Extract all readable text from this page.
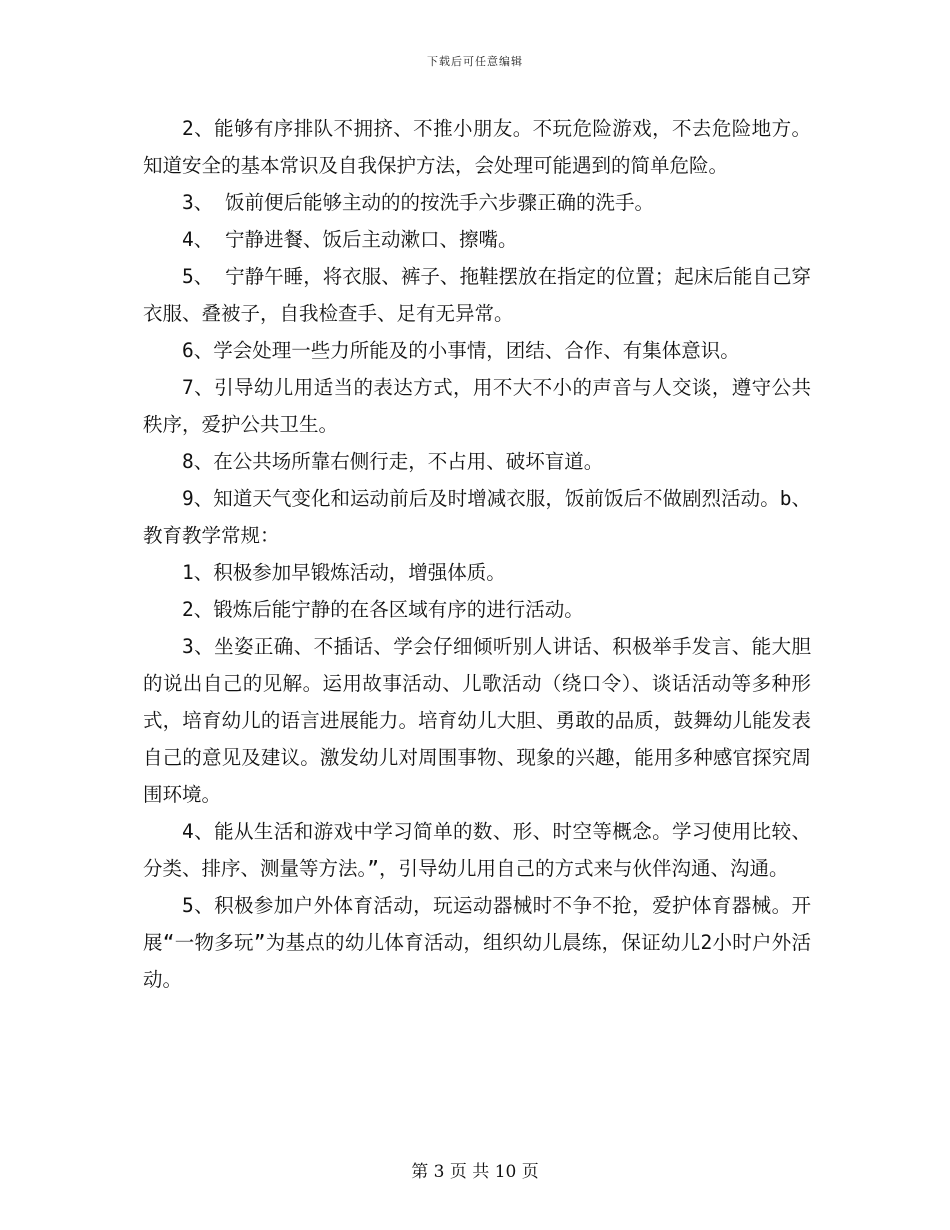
下载后可任意编辑

2、能够有序排队不拥挤、不推小朋友。不玩危险游戏，不去危险地方。知道安全的基本常识及自我保护方法，会处理可能遇到的简单危险。

3、 饭前便后能够主动的的按洗手六步骤正确的洗手。

4、 宁静进餐、饭后主动漱口、擦嘴。

5、 宁静午睡，将衣服、裤子、拖鞋摆放在指定的位置；起床后能自己穿衣服、叠被子，自我检查手、足有无异常。

6、学会处理一些力所能及的小事情，团结、合作、有集体意识。

7、引导幼儿用适当的表达方式，用不大不小的声音与人交谈，遵守公共秩序，爱护公共卫生。

8、在公共场所靠右侧行走，不占用、破坏盲道。

9、知道天气变化和运动前后及时增减衣服，饭前饭后不做剧烈活动。b、教育教学常规：

1、积极参加早锻炼活动，增强体质。

2、锻炼后能宁静的在各区域有序的进行活动。

3、坐姿正确、不插话、学会仔细倾听别人讲话、积极举手发言、能大胆的说出自己的见解。运用故事活动、儿歌活动（绕口令）、谈话活动等多种形式，培育幼儿的语言进展能力。培育幼儿大胆、勇敢的品质，鼓舞幼儿能发表自己的意见及建议。激发幼儿对周围事物、现象的兴趣，能用多种感官探究周围环境。

4、能从生活和游戏中学习简单的数、形、时空等概念。学习使用比较、分类、排序、测量等方法。”，引导幼儿用自己的方式来与伙伴沟通、沟通。

5、积极参加户外体育活动，玩运动器械时不争不抢，爱护体育器械。开展“一物多玩”为基点的幼儿体育活动，组织幼儿晨练，保证幼儿2小时户外活动。

第 3 页 共 10 页
